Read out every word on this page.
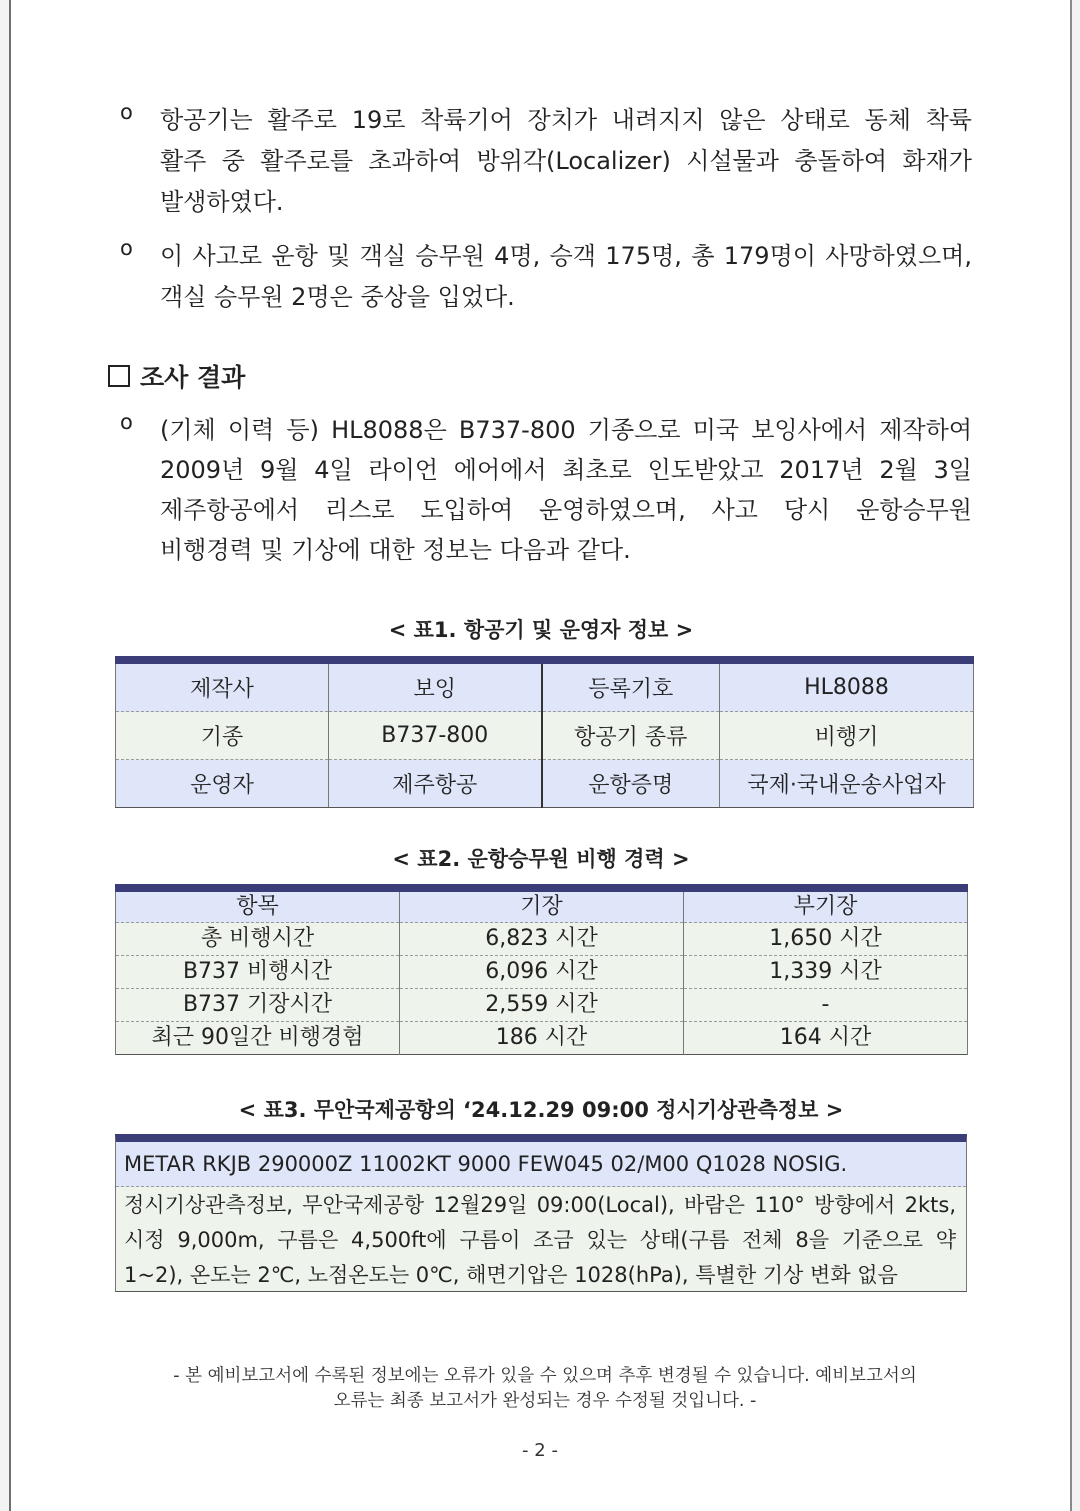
o	항공기는 활주로 19로 착륙기어 장치가 내려지지 않은 상태로 동체 착륙
활주 중 활주로를 초과하여 방위각(Localizer) 시설물과 충돌하여 화재가
발생하였다.
o	이 사고로 운항 및 객실 승무원 4명, 승객 175명, 총 179명이 사망하였으며,
객실 승무원 2명은 중상을 입었다.
조사 결과
o	(기체 이력 등) HL8088은 B737-800 기종으로 미국 보잉사에서 제작하여
2009년 9월 4일 라이언 에어에서 최초로 인도받았고 2017년 2월 3일
제주항공에서 리스로 도입하여 운영하였으며, 사고 당시 운항승무원
비행경력 및 기상에 대한 정보는 다음과 같다.
< 표1. 항공기 및 운영자 정보 >
제작사	보잉	등록기호	HL8088
기종	B737-800	항공기 종류	비행기
운영자	제주항공	운항증명	국제·국내운송사업자
< 표2. 운항승무원 비행 경력 >
항목	기장	부기장
총 비행시간	6,823 시간	1,650 시간
B737 비행시간	6,096 시간	1,339 시간
B737 기장시간	2,559 시간	-
최근 90일간 비행경험	186 시간	164 시간
< 표3. 무안국제공항의 ‘24.12.29 09:00 정시기상관측정보 >
METAR RKJB 290000Z 11002KT 9000 FEW045 02/M00 Q1028 NOSIG.
정시기상관측정보, 무안국제공항 12월29일 09:00(Local), 바람은 110° 방향에서 2kts,
시정 9,000m, 구름은 4,500ft에 구름이 조금 있는 상태(구름 전체 8을 기준으로 약
1~2), 온도는 2℃, 노점온도는 0℃, 해면기압은 1028(hPa), 특별한 기상 변화 없음
- 본 예비보고서에 수록된 정보에는 오류가 있을 수 있으며 추후 변경될 수 있습니다. 예비보고서의
오류는 최종 보고서가 완성되는 경우 수정될 것입니다. -
- 2 -
